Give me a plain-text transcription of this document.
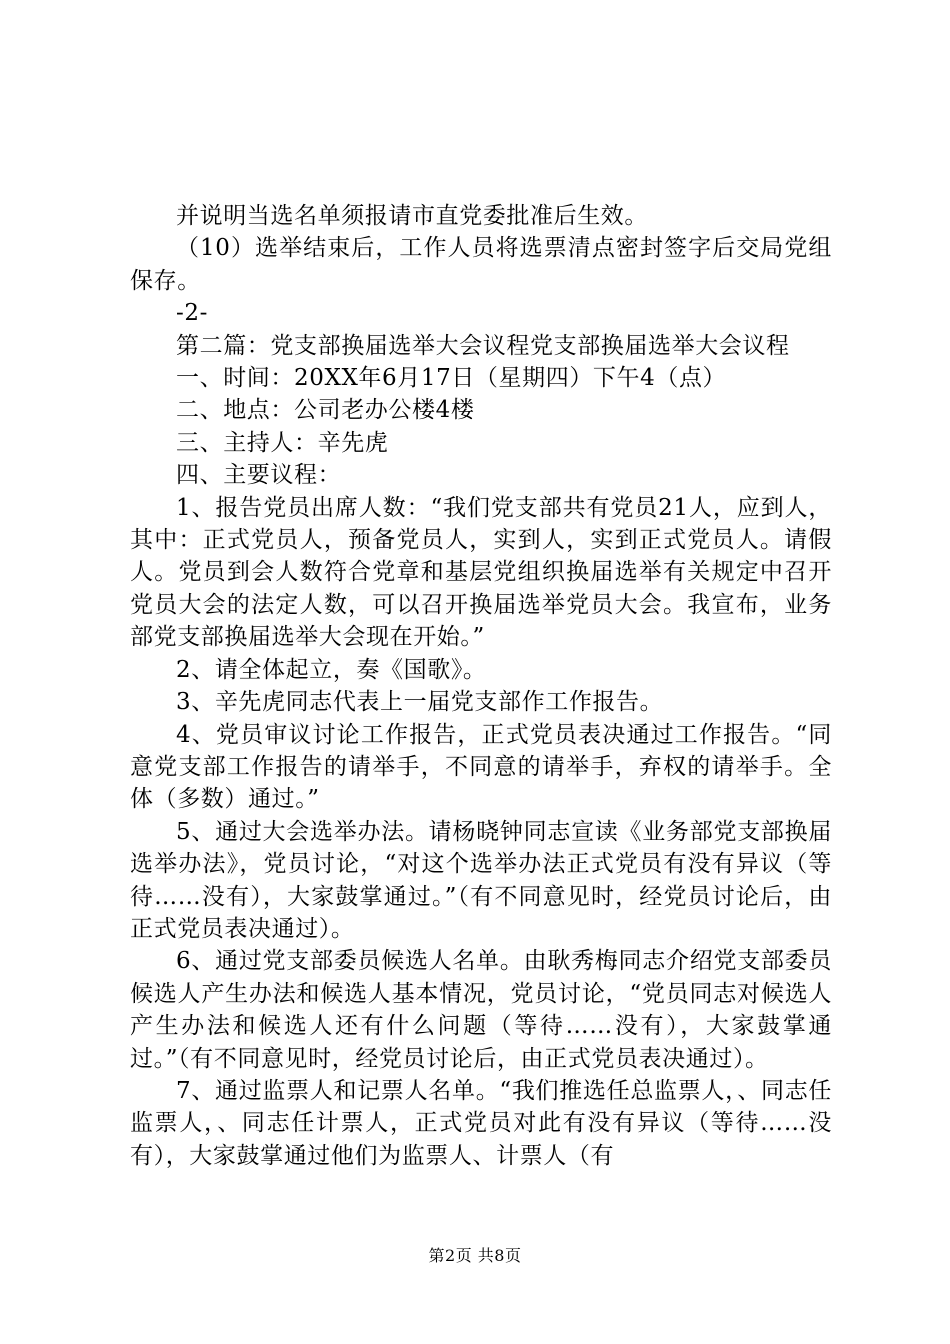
并说明当选名单须报请市直党委批准后生效。

（10）选举结束后，工作人员将选票清点密封签字后交局党组保存。

-2-

第二篇：党支部换届选举大会议程党支部换届选举大会议程

一、时间：20XX年6月17日（星期四）下午4（点）

二、地点：公司老办公楼4楼

三、主持人：辛先虎

四、主要议程：

1、报告党员出席人数：“我们党支部共有党员21人，应到人，其中：正式党员人，预备党员人，实到人，实到正式党员人。请假人。党员到会人数符合党章和基层党组织换届选举有关规定中召开党员大会的法定人数，可以召开换届选举党员大会。我宣布，业务部党支部换届选举大会现在开始。”

2、请全体起立，奏《国歌》。

3、辛先虎同志代表上一届党支部作工作报告。

4、党员审议讨论工作报告，正式党员表决通过工作报告。“同意党支部工作报告的请举手，不同意的请举手，弃权的请举手。全体（多数）通过。”

5、通过大会选举办法。请杨晓钟同志宣读《业务部党支部换届选举办法》，党员讨论，“对这个选举办法正式党员有没有异议（等待……没有），大家鼓掌通过。”（有不同意见时，经党员讨论后，由正式党员表决通过）。

6、通过党支部委员候选人名单。由耿秀梅同志介绍党支部委员候选人产生办法和候选人基本情况，党员讨论，“党员同志对候选人产生办法和候选人还有什么问题（等待……没有），大家鼓掌通过。”（有不同意见时，经党员讨论后，由正式党员表决通过）。

7、通过监票人和记票人名单。“我们推选任总监票人，、同志任监票人，、同志任计票人，正式党员对此有没有异议（等待……没有），大家鼓掌通过他们为监票人、计票人（有

第2页 共8页
